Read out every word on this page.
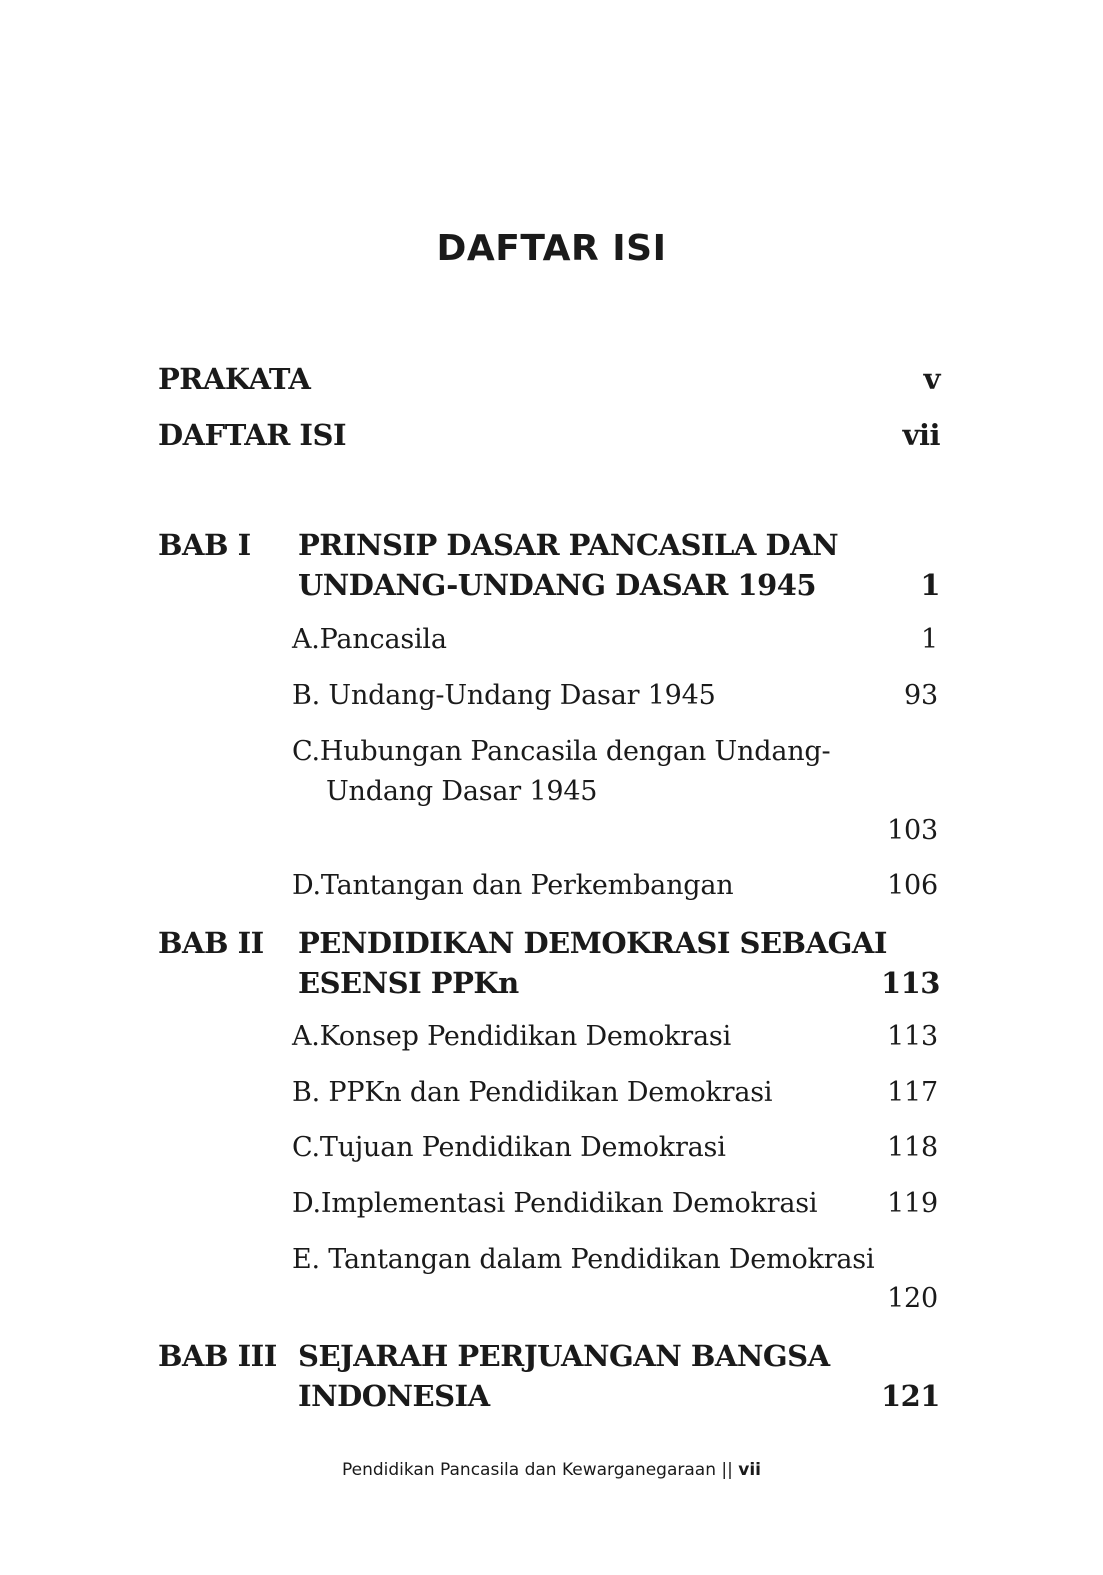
DAFTAR ISI
PRAKATA	v
DAFTAR ISI	vii
BAB I PRINSIP DASAR PANCASILA DAN
UNDANG-UNDANG DASAR 1945	1
A.Pancasila	1
B. Undang-Undang Dasar 1945	93
C.Hubungan Pancasila dengan Undang-
Undang Dasar 1945
103
D.Tantangan dan Perkembangan	106
BAB II PENDIDIKAN DEMOKRASI SEBAGAI
ESENSI PPKn	113
A.Konsep Pendidikan Demokrasi	113
B. PPKn dan Pendidikan Demokrasi	117
C.Tujuan Pendidikan Demokrasi	118
D.Implementasi Pendidikan Demokrasi	119
E. Tantangan dalam Pendidikan Demokrasi
120
BAB III SEJARAH PERJUANGAN BANGSA
INDONESIA	121
Pendidikan Pancasila dan Kewarganegaraan || vii
